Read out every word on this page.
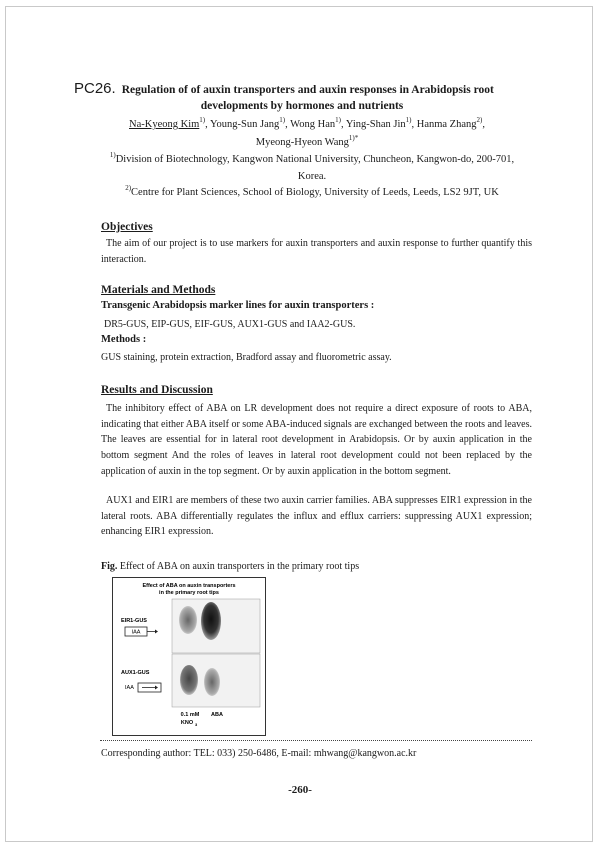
PC26. Regulation of of auxin transporters and auxin responses in Arabidopsis root
developments by hormones and nutrients
Na-Kyeong Kim$^{1)}$, Young-Sun Jang$^{1)}$, Wong Han$^{1)}$, Ying-Shan Jin$^{1)}$, Hanma Zhang$^{2)}$,
Myeong-Hyeon Wang$^{1)*}$
$^{1)}$Division of Biotechnology, Kangwon National University, Chuncheon, Kangwon-do, 200-701,
Korea.
$^{2)}$Centre for Plant Sciences, School of Biology, University of Leeds, Leeds, LS2 9JT, UK
Objectives
The aim of our project is to use markers for auxin transporters and auxin response to further quantify this interaction.
Materials and Methods
Transgenic Arabidopsis marker lines for auxin transporters :
DR5-GUS, EIP-GUS, EIF-GUS, AUX1-GUS and IAA2-GUS.
Methods :
GUS staining, protein extraction, Bradford assay and fluorometric assay.
Results and Discussion
The inhibitory effect of ABA on LR development does not require a direct exposure of roots to ABA, indicating that either ABA itself or some ABA-induced signals are exchanged between the roots and leaves. The leaves are essential for in lateral root development in Arabidopsis. Or by auxin application in the bottom segment And the roles of leaves in lateral root development could not been replaced by the application of auxin in the top segment. Or by auxin application in the bottom segment.
AUX1 and EIR1 are members of these two auxin carrier families. ABA suppresses EIR1 expression in the lateral roots. ABA differentially regulates the influx and efflux carriers: suppressing AUX1 expression; enhancing EIR1 expression.
Fig. Effect of ABA on auxin transporters in the primary root tips
Effect of ABA on auxin transporters
in the primary root tips
EIR1-GUS
IAA
AUX1-GUS
IAA
0.1 mM
KNO 3
ABA
Corresponding author: TEL: 033) 250-6486, E-mail: mhwang@kangwon.ac.kr
-260-
